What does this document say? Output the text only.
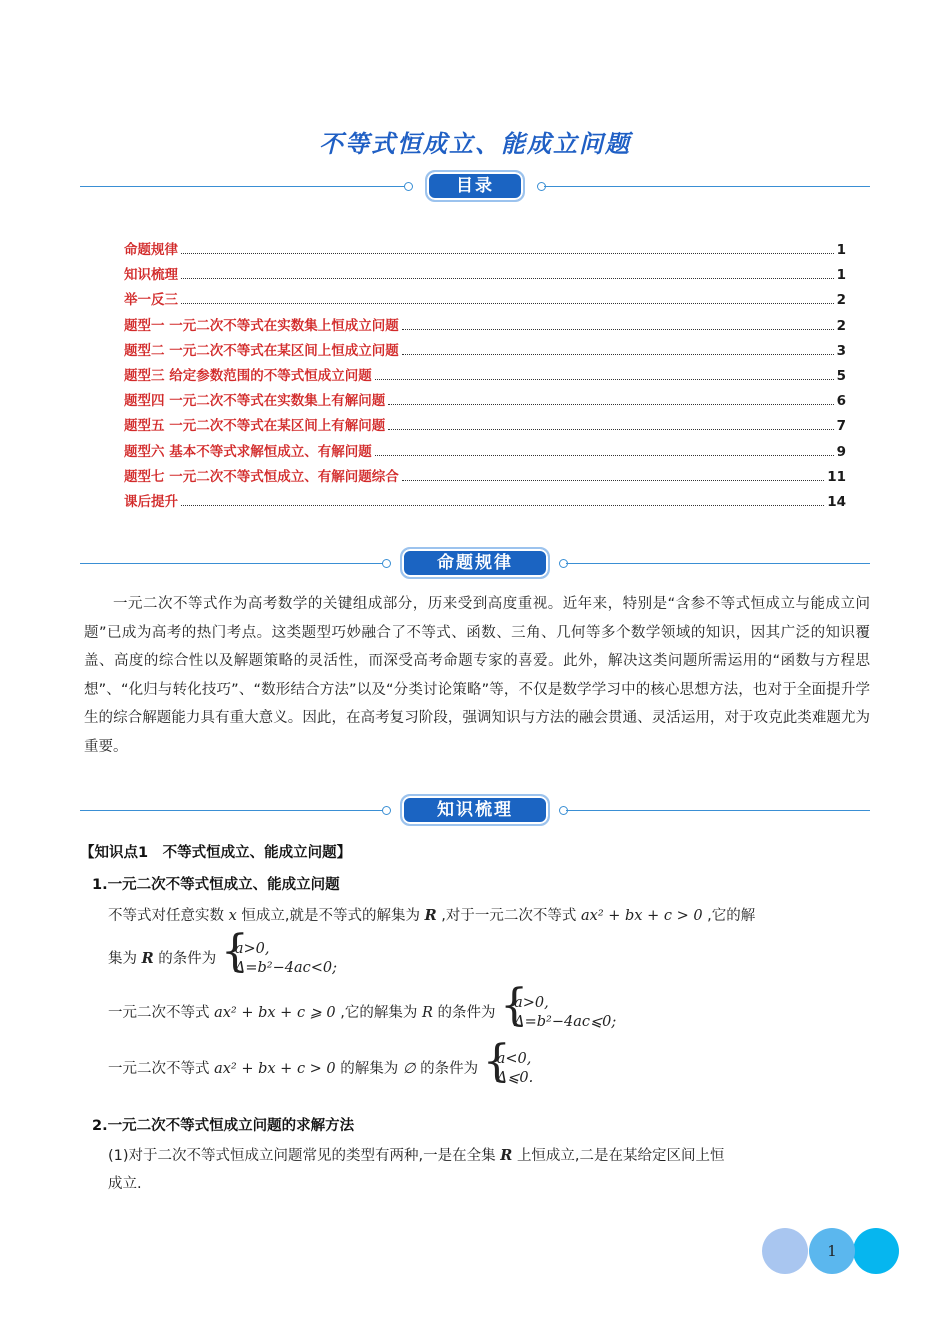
不等式恒成立、能成立问题
目录
命题规律	1
知识梳理	1
举一反三	2
题型一 一元二次不等式在实数集上恒成立问题	2
题型二 一元二次不等式在某区间上恒成立问题	3
题型三 给定参数范围的不等式恒成立问题	5
题型四 一元二次不等式在实数集上有解问题	6
题型五 一元二次不等式在某区间上有解问题	7
题型六 基本不等式求解恒成立、有解问题	9
题型七 一元二次不等式恒成立、有解问题综合	11
课后提升	14
命题规律
一元二次不等式作为高考数学的关键组成部分，历来受到高度重视。近年来，特别是“含参不等式恒成立与能成立问题”已成为高考的热门考点。这类题型巧妙融合了不等式、函数、三角、几何等多个数学领域的知识，因其广泛的知识覆盖、高度的综合性以及解题策略的灵活性，而深受高考命题专家的喜爱。此外，解决这类问题所需运用的“函数与方程思想”、“化归与转化技巧”、“数形结合方法”以及“分类讨论策略”等，不仅是数学学习中的核心思想方法，也对于全面提升学生的综合解题能力具有重大意义。因此，在高考复习阶段，强调知识与方法的融会贯通、灵活运用，对于攻克此类难题尤为重要。
知识梳理
【知识点1　不等式恒成立、能成立问题】
1.一元二次不等式恒成立、能成立问题
不等式对任意实数 x 恒成立,就是不等式的解集为 R ,对于一元二次不等式 ax² + bx + c > 0 ,它的解
集为 R 的条件为
{ a>0,
Δ=b²−4ac<0;
一元二次不等式 ax² + bx + c ⩾ 0 ,它的解集为 R 的条件为
{ a>0,
Δ=b²−4ac⩽0;
一元二次不等式 ax² + bx + c > 0 的解集为 ∅ 的条件为
{ a<0,
Δ⩽0.
2.一元二次不等式恒成立问题的求解方法
(1)对于二次不等式恒成立问题常见的类型有两种,一是在全集 R 上恒成立,二是在某给定区间上恒
成立.
1
